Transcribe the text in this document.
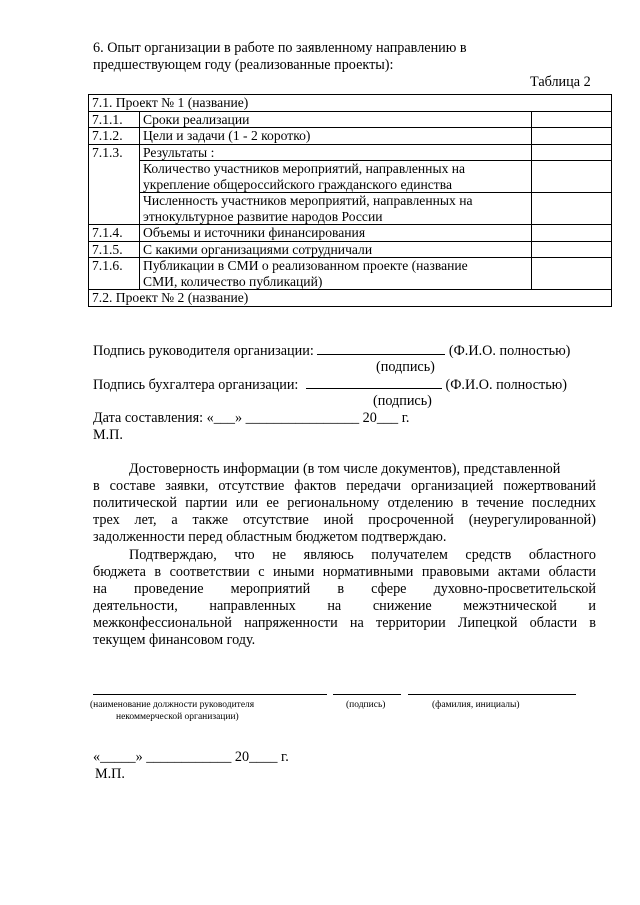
6. Опыт организации в работе по заявленному направлению в
предшествующем году (реализованные проекты):
Таблица 2
7.1. Проект № 1 (название)		
7.1.1.	Сроки реализации	
7.1.2.	Цели и задачи (1 - 2 коротко)	
7.1.3.	Результаты :	
	Количество участников мероприятий, направленных на
укрепление общероссийского гражданского единства	
	Численность участников мероприятий, направленных на
этнокультурное развитие народов России	
7.1.4.	Объемы и источники финансирования	
7.1.5.	С какими организациями сотрудничали	
7.1.6.	Публикации в СМИ о реализованном проекте (название
СМИ, количество публикаций)	
7.2. Проект № 2 (название)		
Подпись руководителя организации:	(Ф.И.О. полностью)
(подпись)
Подпись бухгалтера организации:	(Ф.И.О. полностью)
(подпись)
Дата составления: «___» ________________ 20___ г.
М.П.
Достоверность информации (в том числе документов), представленной
в составе заявки, отсутствие фактов передачи организацией пожертвований
политической партии или ее региональному отделению в течение последних
трех лет, а также отсутствие иной просроченной (неурегулированной)
задолженности перед областным бюджетом подтверждаю.
Подтверждаю, что не являюсь получателем средств областного
бюджета в соответствии с иными нормативными правовыми актами области
на проведение мероприятий в сфере духовно-просветительской
деятельности, направленных на снижение межэтнической и
межконфессиональной напряженности на территории Липецкой области в
текущем финансовом году.
(наименование должности руководителя
некоммерческой организации)
(подпись)	(фамилия, инициалы)
«_____» ____________ 20____ г.
М.П.
